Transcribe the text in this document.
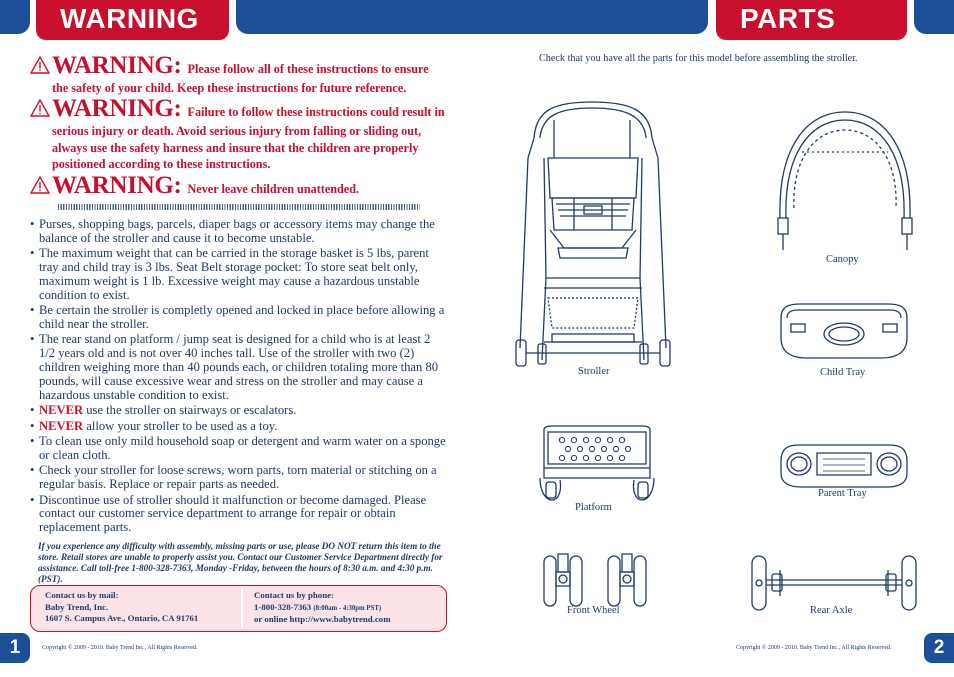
WARNING	PARTS
WARNING: Please follow all of these instructions to ensure
the safety of your child. Keep these instructions for future reference.
WARNING: Failure to follow these instructions could result in
serious injury or death. Avoid serious injury from falling or sliding out, always use the safety harness and insure that the children are properly positioned according to these instructions.
WARNING: Never leave children unattended.
• Purses, shopping bags, parcels, diaper bags or accessory items may change the balance of the stroller and cause it to become unstable.
• The maximum weight that can be carried in the storage basket is 5 lbs, parent tray and child tray is 3 lbs. Seat Belt storage pocket: To store seat belt only, maximum weight is 1 lb. Excessive weight may cause a hazardous unstable condition to exist.
• Be certain the stroller is completly opened and locked in place before allowing a child near the stroller.
• The rear stand on platform / jump seat is designed for a child who is at least 2 1/2 years old and is not over 40 inches tall. Use of the stroller with two (2) children weighing more than 40 pounds each, or children totaling more than 80 pounds, will cause excessive wear and stress on the stroller and may cause a hazardous unstable condition to exist.
• NEVER use the stroller on stairways or escalators.
• NEVER allow your stroller to be used as a toy.
• To clean use only mild household soap or detergent and warm water on a sponge or clean cloth.
• Check your stroller for loose screws, worn parts, torn material or stitching on a regular basis. Replace or repair parts as needed.
• Discontinue use of stroller should it malfunction or become damaged. Please contact our customer service department to arrange for repair or obtain replacement parts.
If you experience any difficulty with assembly, missing parts or use, please DO NOT return this item to the store. Retail stores are unable to properly assist you. Contact our Customer Service Department directly for assistance. Call toll-free 1-800-328-7363, Monday -Friday, between the hours of 8:30 a.m. and 4:30 p.m. (PST).
Contact us by mail:
Baby Trend, Inc.
1607 S. Campus Ave., Ontario, CA 91761
Contact us by phone:
1-800-328-7363 (8:00am - 4:30pm PST)
or online http://www.babytrend.com
1	Copyright © 2009 - 2010. Baby Trend Inc., All Rights Reserved.
Check that you have all the parts for this model before assembling the stroller.
Stroller
Canopy
Child Tray
Platform
Parent Tray
Front Wheel	Rear Axle
2
Copyright © 2009 - 2010. Baby Trend Inc., All Rights Reserved.
